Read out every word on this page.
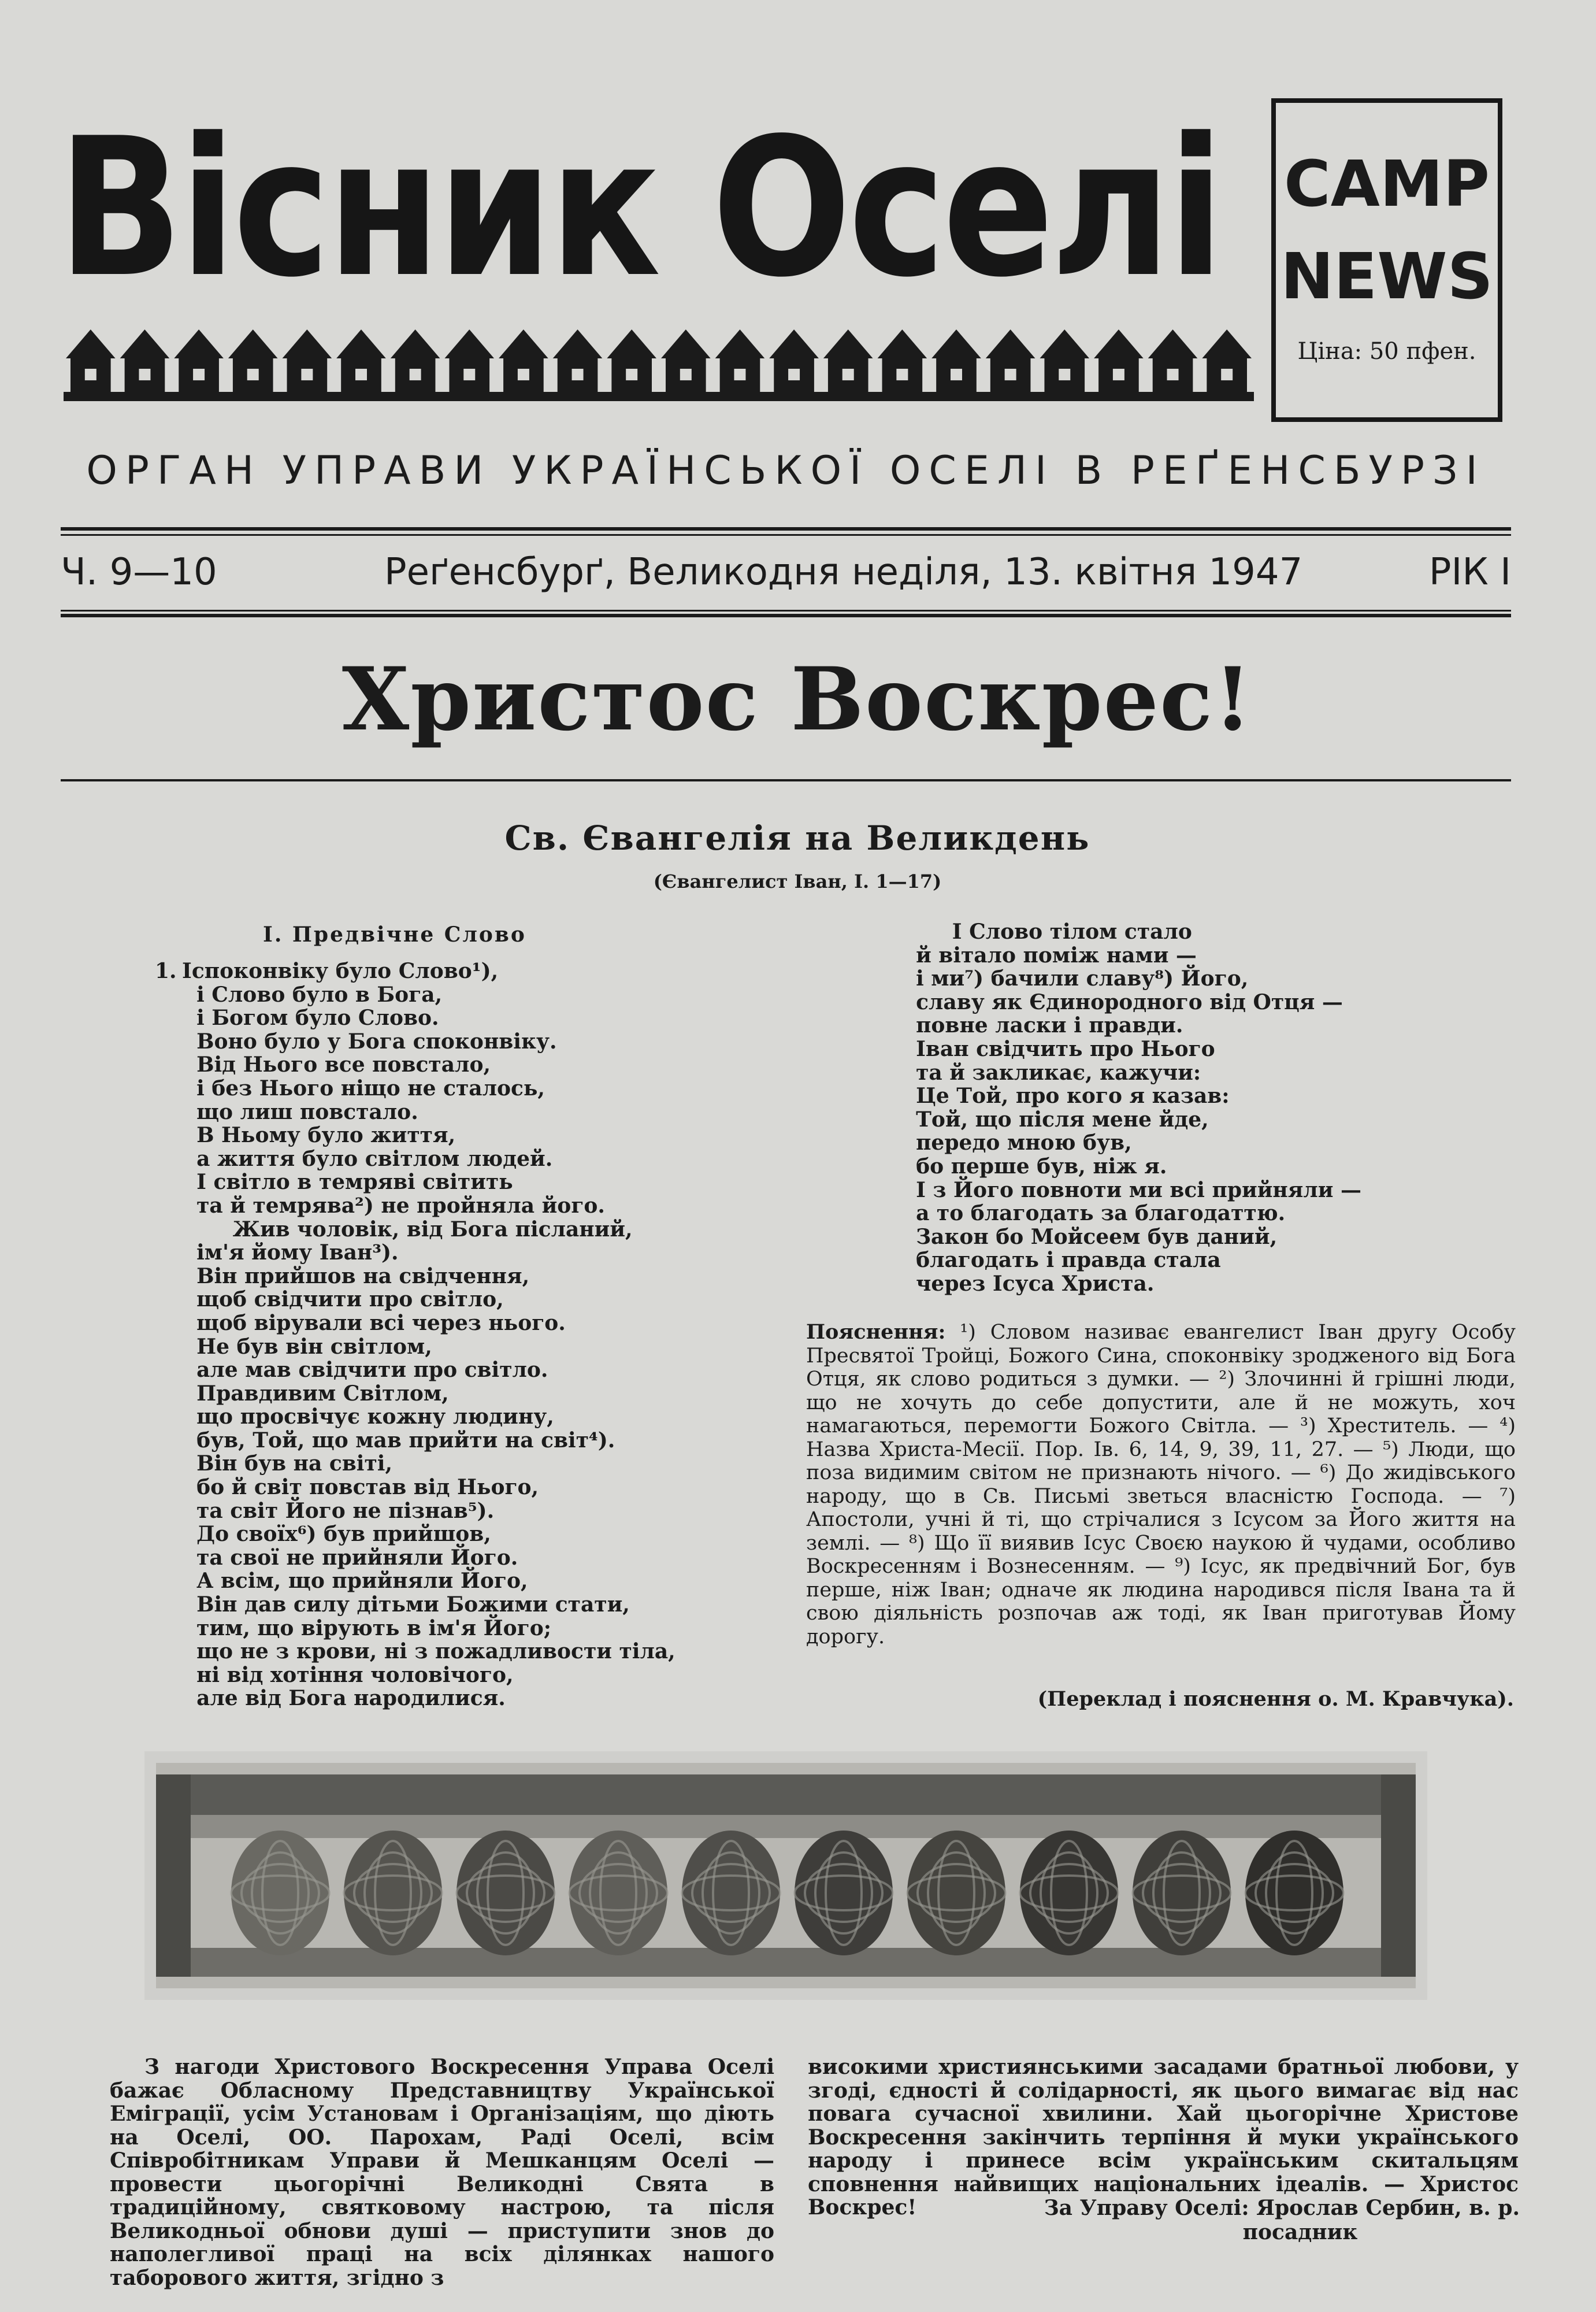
Вісник Оселі CAMP
NEWS
Ціна: 50 пфен.
ОРГАН УПРАВИ УКРАЇНСЬКОЇ ОСЕЛІ В РЕҐЕНСБУРЗІ
Ч. 9—10	Реґенсбурґ, Великодня неділя, 13. квітня 1947	РІК І
Христос Воскрес!
Св. Євангелія на Великдень
(Євангелист Іван, І. 1—17)
І. Предвічне Слово
1. Іспоконвіку було Слово¹),
і Слово було в Бога,
і Богом було Слово.
Воно було у Бога споконвіку.
Від Нього все повстало,
і без Нього ніщо не сталось,
що лиш повстало.
В Ньому було життя,
а життя було світлом людей.
І світло в темряві світить
та й темрява²) не пройняла його.
Жив чоловік, від Бога післаний,
ім'я йому Іван³).
Він прийшов на свідчення,
щоб свідчити про світло,
щоб вірували всі через нього.
Не був він світлом,
але мав свідчити про світло.
Правдивим Світлом,
що просвічує кожну людину,
був, Той, що мав прийти на світ⁴).
Він був на світі,
бо й світ повстав від Нього,
та світ Його не пізнав⁵).
До своїх⁶) був прийшов,
та свої не прийняли Його.
А всім, що прийняли Його,
Він дав силу дітьми Божими стати,
тим, що вірують в ім'я Його;
що не з крови, ні з пожадливости тіла,
ні від хотіння чоловічого,
але від Бога народилися.
І Слово тілом стало
й вітало поміж нами —
і ми⁷) бачили славу⁸) Його,
славу як Єдинородного від Отця —
повне ласки і правди.
Іван свідчить про Нього
та й закликає, кажучи:
Це Той, про кого я казав:
Той, що після мене йде,
передо мною був,
бо перше був, ніж я.
І з Його повноти ми всі прийняли —
а то благодать за благодаттю.
Закон бо Мойсеем був даний,
благодать і правда стала
через Ісуса Христа.
Пояснення: ¹) Словом називає евангелист Іван другу Особу Пресвятої Тройці, Божого Сина, споконвіку зродженого від Бога Отця, як слово родиться з думки. — ²) Злочинні й грішні люди, що не хочуть до себе допустити, але й не можуть, хоч намагаються, перемогти Божого Світла. — ³) Хреститель. — ⁴) Назва Христа-Месії. Пор. Ів. 6, 14, 9, 39, 11, 27. — ⁵) Люди, що поза видимим світом не признають нічого. — ⁶) До жидівського народу, що в Св. Письмі зветься власністю Господа. — ⁷) Апостоли, учні й ті, що стрічалися з Ісусом за Його життя на землі. — ⁸) Що її виявив Ісус Своєю наукою й чудами, особливо Воскресенням і Вознесенням. — ⁹) Ісус, як предвічний Бог, був перше, ніж Іван; одначе як людина народився після Івана та й свою діяльність розпочав аж тоді, як Іван приготував Йому дорогу.
(Переклад і пояснення о. М. Кравчука).
З нагоди Христового Воскресення Управа Оселі бажає Обласному Представництву Української Еміграції, усім Установам і Організаціям, що діють на Оселі, ОО. Парохам, Раді Оселі, всім Співробітникам Управи й Мешканцям Оселі — провести цьогорічні Великодні Свята в традиційному, святковому настрою, та після Великодньої обнови душі — приступити знов до наполегливої праці на всіх ділянках нашого таборового життя, згідно з
високими християнськими засадами братньої любови, у згоді, єдності й солідарності, як цього вимагає від нас повага сучасної хвилини. Хай цьогорічне Христове Воскресення закінчить терпіння й муки українського народу і принесе всім українським скитальцям сповнення найвищих національних ідеалів. — Христос Воскрес!	За Управу Оселі: Ярослав Сербин, в. р.
посадник
